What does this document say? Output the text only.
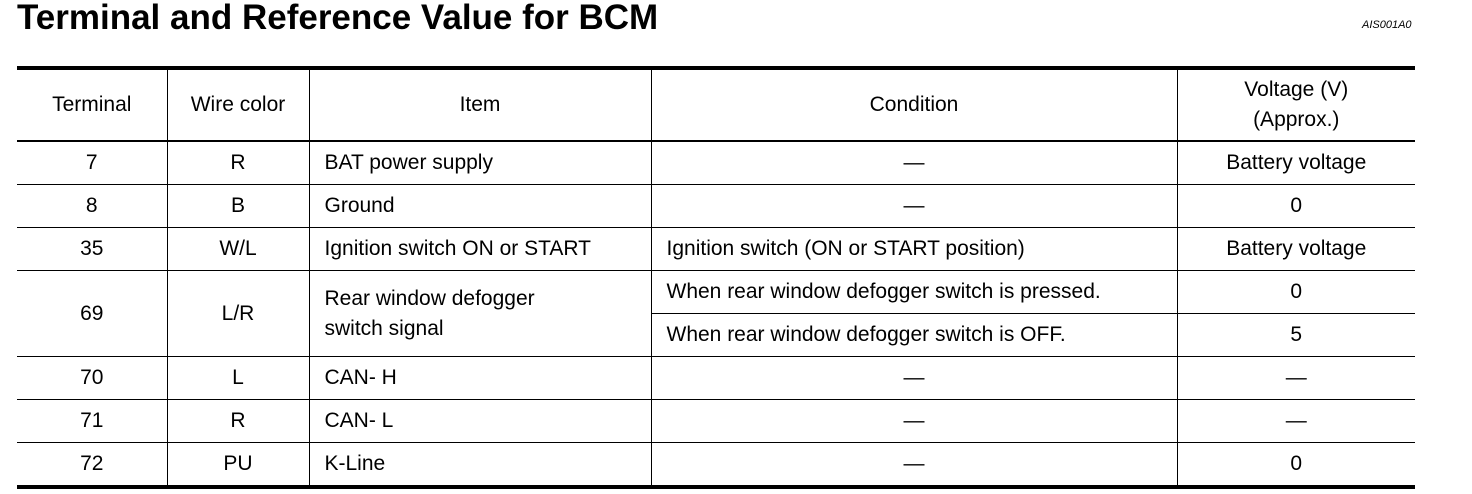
Terminal and Reference Value for BCM	AIS001A0
Terminal	Wire color	Item	Condition	Voltage (V)
(Approx.)

7	R	BAT power supply	—	Battery voltage
8	B	Ground	—	0
35	W/L	Ignition switch ON or START	Ignition switch (ON or START position)	Battery voltage
69	L/R	Rear window defogger switch signal	When rear window defogger switch is pressed.	0
			When rear window defogger switch is OFF.	5
70	L	CAN- H	—	—
71	R	CAN- L	—	—
72	PU	K-Line	—	0
